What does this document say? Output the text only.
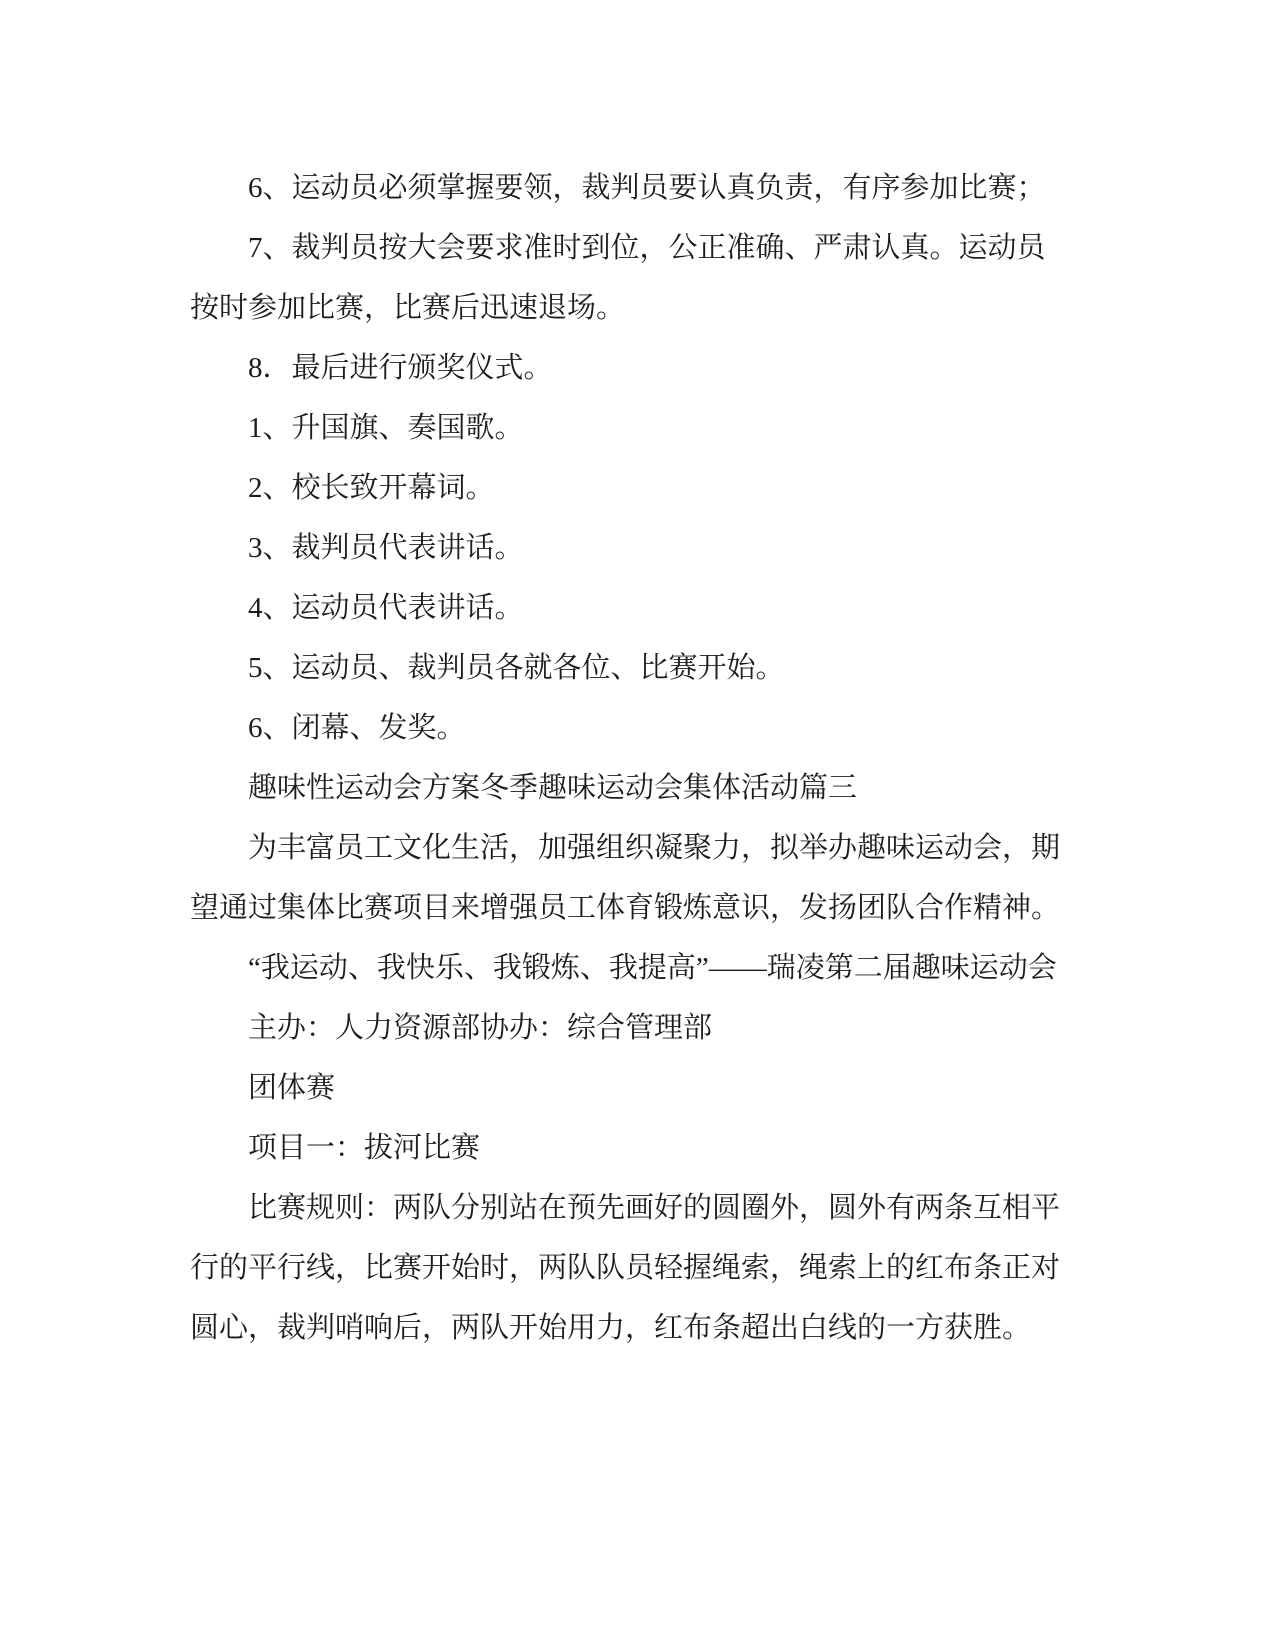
6、运动员必须掌握要领，裁判员要认真负责，有序参加比赛；
7、裁判员按大会要求准时到位，公正准确、严肃认真。运动员
按时参加比赛，比赛后迅速退场。
8．最后进行颁奖仪式。
1、升国旗、奏国歌。
2、校长致开幕词。
3、裁判员代表讲话。
4、运动员代表讲话。
5、运动员、裁判员各就各位、比赛开始。
6、闭幕、发奖。
趣味性运动会方案冬季趣味运动会集体活动篇三
为丰富员工文化生活，加强组织凝聚力，拟举办趣味运动会，期
望通过集体比赛项目来增强员工体育锻炼意识，发扬团队合作精神。
“我运动、我快乐、我锻炼、我提高”——瑞凌第二届趣味运动会
主办：人力资源部协办：综合管理部
团体赛
项目一：拔河比赛
比赛规则：两队分别站在预先画好的圆圈外，圆外有两条互相平
行的平行线，比赛开始时，两队队员轻握绳索，绳索上的红布条正对
圆心，裁判哨响后，两队开始用力，红布条超出白线的一方获胜。
